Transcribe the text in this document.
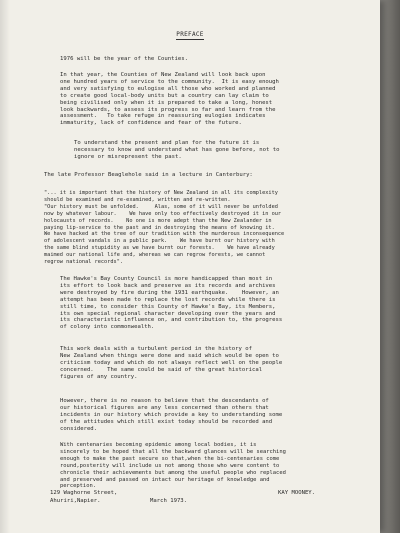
PREFACE

1976 will be the year of the Counties.

In that year, the Counties of New Zealand will look back upon
one hundred years of service to the community.  It is easy enough
and very satisfying to eulogise all those who worked and planned
to create good local-body units but a country can lay claim to
being civilised only when it is prepared to take a long, honest
look backwards, to assess its progress so far and learn from the
assessment.   To take refuge in reassuring eulogies indicates
immaturity, lack of confidence and fear of the future.

To understand the present and plan for the future it is
necessary to know and understand what has gone before, not to
ignore or misrepresent the past.

The late Professor Beaglehole said in a lecture in Canterbury:

"... it is important that the history of New Zealand in all its complexity
should be examined and re-examined, written and re-written.
"Our history must be unfolded.     Alas, some of it will never be unfolded
now by whatever labour.    We have only too effectively destroyed it in our
holocausts of records.    No one is more adept than the New Zealander in
paying lip-service to the past and in destroying the means of knowing it.
We have hacked at the tree of our tradition with the murderous inconsequence
of adolescent vandals in a public park.    We have burnt our history with
the same blind stupidity as we have burnt our forests.    We have already
maimed our national life and, whereas we can regrow forests, we cannot
regrow national records".

The Hawke's Bay County Council is more handicapped than most in
its effort to look back and preserve as its records and archives
were destroyed by fire during the 1931 earthquake.    However, an
attempt has been made to replace the lost records while there is
still time, to consider this County of Hawke's Bay, its Members,
its own special regional character developing over the years and
its characteristic influence on, and contribution to, the progress
of colony into commonwealth.

This work deals with a turbulent period in the history of
New Zealand when things were done and said which would be open to
criticism today and which do not always reflect well on the people
concerned.    The same could be said of the great historical
figures of any country.

However, there is no reason to believe that the descendants of
our historical figures are any less concerned than others that
incidents in our history which provide a key to understanding some
of the attitudes which still exist today should be recorded and
considered.

With centenaries becoming epidemic among local bodies, it is
sincerely to be hoped that all the backward glances will be searching
enough to make the past secure so that,when the bi-centenaries come
round,posterity will include us not among those who were content to
chronicle their achievements but among the useful people who replaced
and preserved and passed on intact our heritage of knowledge and
perception.

129 Waghorne Street,
Ahuriri,Napier.	March 1973.
KAY MOONEY.
